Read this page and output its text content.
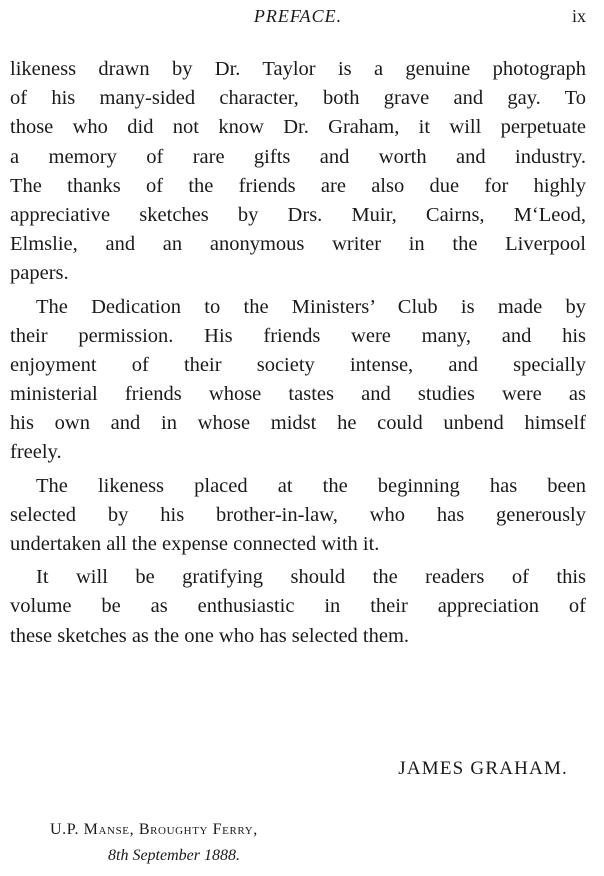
PREFACE.	ix
likeness drawn by Dr. Taylor is a genuine photograph
of his many-sided character, both grave and gay. To
those who did not know Dr. Graham, it will perpetuate
a memory of rare gifts and worth and industry.
The thanks of the friends are also due for highly
appreciative sketches by Drs. Muir, Cairns, M‘Leod,
Elmslie, and an anonymous writer in the Liverpool
papers.
The Dedication to the Ministers’ Club is made by
their permission. His friends were many, and his
enjoyment of their society intense, and specially
ministerial friends whose tastes and studies were as
his own and in whose midst he could unbend himself
freely.
The likeness placed at the beginning has been
selected by his brother-in-law, who has generously
undertaken all the expense connected with it.
It will be gratifying should the readers of this
volume be as enthusiastic in their appreciation of
these sketches as the one who has selected them.
JAMES GRAHAM.
U.P. Manse, Broughty Ferry,
8th September 1888.
